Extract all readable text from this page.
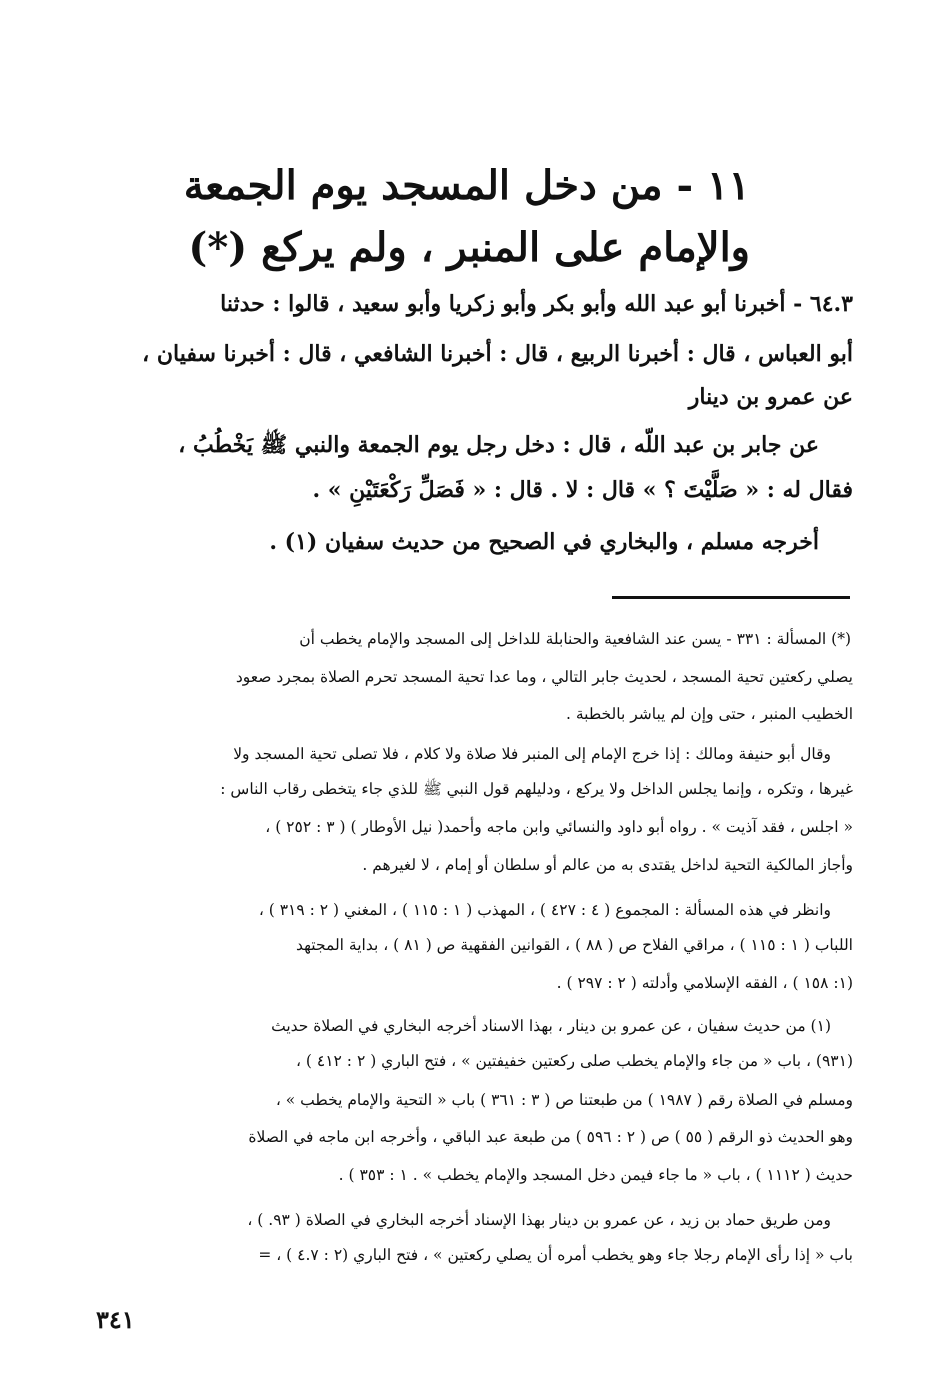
١١ - من دخل المسجد يوم الجمعة
والإمام على المنبر ، ولم يركع (*)
٦٤.٣ - أخبرنا أبو عبد الله وأبو بكر وأبو زكريا وأبو سعيد ، قالوا : حدثنا
أبو العباس ، قال : أخبرنا الربيع ، قال : أخبرنا الشافعي ، قال : أخبرنا سفيان ،
عن عمرو بن دينار
عن جابر بن عبد اللّه ، قال : دخل رجل يوم الجمعة والنبي ﷺ يَخْطُبُ ،
فقال له : « صَلَّيْتَ ؟ » قال : لا . قال : « فَصَلِّ رَكْعَتَيْنِ » .
أخرجه مسلم ، والبخاري في الصحيح من حديث سفيان (١) .
(*) المسألة : ٣٣١ - يسن عند الشافعية والحنابلة للداخل إلى المسجد والإمام يخطب أن
يصلي ركعتين تحية المسجد ، لحديث جابر التالي ، وما عدا تحية المسجد تحرم الصلاة بمجرد صعود
الخطيب المنبر ، حتى وإن لم يباشر بالخطبة .
وقال أبو حنيفة ومالك : إذا خرج الإمام إلى المنبر فلا صلاة ولا كلام ، فلا تصلى تحية المسجد ولا
غيرها ، وتكره ، وإنما يجلس الداخل ولا يركع ، ودليلهم قول النبي ﷺ للذي جاء يتخطى رقاب الناس :
« اجلس ، فقد آذيت » . رواه أبو داود والنسائي وابن ماجه وأحمد( نيل الأوطار ) ( ٣ : ٢٥٢ ) ،
وأجاز المالكية التحية لداخل يقتدى به من عالم أو سلطان أو إمام ، لا لغيرهم .
وانظر في هذه المسألة : المجموع ( ٤ : ٤٢٧ ) ، المهذب ( ١ : ١١٥ ) ، المغني ( ٢ : ٣١٩ ) ،
اللباب ( ١ : ١١٥ ) ، مراقي الفلاح ص ( ٨٨ ) ، القوانين الفقهية ص ( ٨١ ) ، بداية المجتهد
(١: ١٥٨ ) ، الفقه الإسلامي وأدلته ( ٢ : ٢٩٧ ) .
(١) من حديث سفيان ، عن عمرو بن دينار ، بهذا الاسناد أخرجه البخاري في الصلاة حديث
(٩٣١) ، باب « من جاء والإمام يخطب صلى ركعتين خفيفتين » ، فتح الباري ( ٢ : ٤١٢ ) ،
ومسلم في الصلاة رقم ( ١٩٨٧ ) من طبعتنا ص ( ٣ : ٣٦١ ) باب « التحية والإمام يخطب » ،
وهو الحديث ذو الرقم ( ٥٥ ) ص ( ٢ : ٥٩٦ ) من طبعة عبد الباقي ، وأخرجه ابن ماجه في الصلاة
حديث ( ١١١٢ ) ، باب « ما جاء فيمن دخل المسجد والإمام يخطب » . ١ : ٣٥٣ ) .
ومن طريق حماد بن زيد ، عن عمرو بن دينار بهذا الإسناد أخرجه البخاري في الصلاة ( ٩٣. ) ،
باب « إذا رأى الإمام رجلا جاء وهو يخطب أمره أن يصلي ركعتين » ، فتح الباري (٢ : ٤.٧ ) ، =
٣٤١
